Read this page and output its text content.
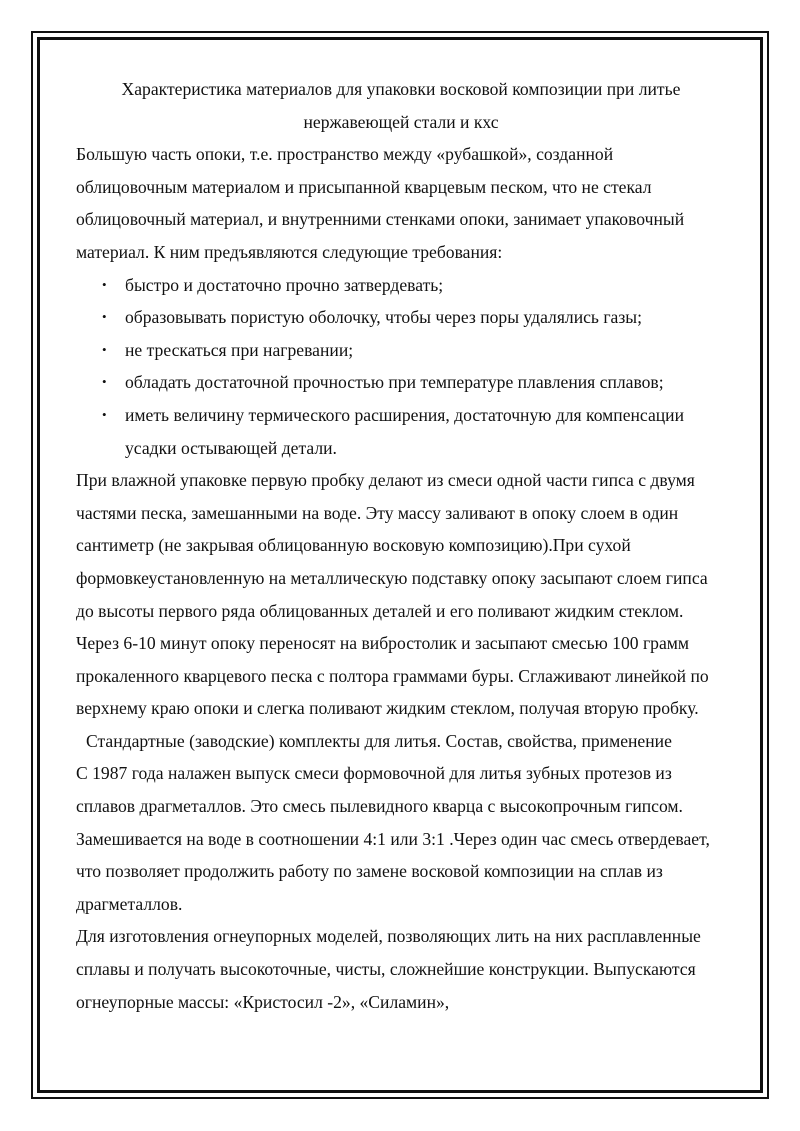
Характеристика материалов для упаковки восковой композиции при литье нержавеющей стали и кхс

Большую часть опоки, т.е. пространство между «рубашкой», созданной облицовочным материалом и присыпанной кварцевым песком, что не стекал облицовочный материал, и внутренними стенками опоки, занимает упаковочный материал. К ним предъявляются следующие требования:

• быстро и достаточно прочно затвердевать;
• образовывать пористую оболочку, чтобы через поры удалялись газы;
• не трескаться при нагревании;
• обладать достаточной прочностью при температуре плавления сплавов;
• иметь величину термического расширения, достаточную для компенсации усадки остывающей детали.

При влажной упаковке первую пробку делают из смеси одной части гипса с двумя частями песка, замешанными на воде. Эту массу заливают в опоку слоем в один сантиметр (не закрывая облицованную восковую композицию).При сухой формовкеустановленную на металлическую подставку опоку засыпают слоем гипса до высоты первого ряда облицованных деталей и его поливают жидким стеклом. Через 6-10 минут опоку переносят на вибростолик и засыпают смесью 100 грамм прокаленного кварцевого песка с полтора граммами буры. Сглаживают линейкой по верхнему краю опоки и слегка поливают жидким стеклом, получая вторую пробку.

Стандартные (заводские) комплекты для литья. Состав, свойства, применение

С 1987 года налажен выпуск смеси формовочной для литья зубных протезов из сплавов драгметаллов. Это смесь пылевидного кварца с высокопрочным гипсом. Замешивается на воде в соотношении 4:1 или 3:1 .Через один час смесь отвердевает, что позволяет продолжить работу по замене восковой композиции на сплав из драгметаллов.

Для изготовления огнеупорных моделей, позволяющих лить на них расплавленные сплавы и получать высокоточные, чисты, сложнейшие конструкции. Выпускаются огнеупорные массы: «Кристосил -2», «Силамин»,
